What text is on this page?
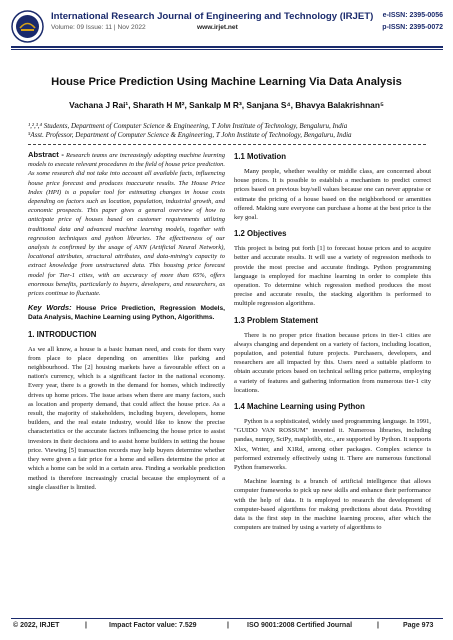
International Research Journal of Engineering and Technology (IRJET)
Volume: 09 Issue: 11 | Nov 2022	www.irjet.net
e-ISSN: 2395-0056
p-ISSN: 2395-0072
House Price Prediction Using Machine Learning Via Data Analysis
Vachana J Rai¹, Sharath H M², Sankalp M R³, Sanjana S⁴, Bhavya Balakrishnan⁵
¹,²,³,⁴ Students, Department of Computer Science & Engineering, T John Institute of Technology, Bengaluru, India
⁵Asst. Professor, Department of Computer Science & Engineering, T John Institute of Technology, Bengaluru, India

Abstract - Research teams are increasingly adopting machine learning models to execute relevant procedures in the field of house price prediction. As some research did not take into account all available facts, influencing house price forecast and produces inaccurate results. The House Price Index (HPI) is a popular tool for estimating changes in house costs depending on factors such as location, population, industrial growth, and economic prospects. This paper gives a general overview of how to anticipate price of houses based on customer requirements utilizing traditional data and advanced machine learning models, together with regression techniques and python libraries. The effectiveness of our analysis is confirmed by the usage of ANN (Artificial Neural Network), locational attributes, structural attributes, and data-mining's capacity to extract knowledge from unstructured data. This housing price forecast model for Tier-1 cities, with an accuracy of more than 65%, offers enormous benefits, particularly to buyers, developers, and researchers, as prices continue to fluctuate.

Key Words: House Price Prediction, Regression Models, Data Analysis, Machine Learning using Python, Algorithms.

1. INTRODUCTION

As we all know, a house is a basic human need, and costs for them vary from place to place depending on amenities like parking and neighbourhood. The [2] housing markets have a favourable effect on a nation's currency, which is a significant factor in the national economy. Every year, there is a growth in the demand for homes, which indirectly drives up home prices. The issue arises when there are many factors, such as location and property demand, that could affect the house price. As a result, the majority of stakeholders, including buyers, developers, home builders, and the real estate industry, would like to know the precise characteristics or the accurate factors influencing the house price to assist investors in their decisions and to assist home builders in setting the house price. Viewing [5] transaction records may help buyers determine whether they were given a fair price for a home and sellers determine the price at which a home can be sold in a certain area. Finding a workable prediction method is therefore increasingly crucial because the employment of a single classifier is limited.

1.1 Motivation

Many people, whether wealthy or middle class, are concerned about house prices. It is possible to establish a mechanism to predict correct prices based on previous buy/sell values because one can never appraise or estimate the pricing of a house based on the neighborhood or amenities offered. Making sure everyone can purchase a home at the best price is the key goal.

1.2 Objectives

This project is being put forth [1] to forecast house prices and to acquire better and accurate results. It will use a variety of regression methods to provide the most precise and accurate findings. Python programming language is employed for machine learning in order to complete this operation. To determine which regression method produces the most precise and accurate results, the stacking algorithm is performed to multiple regression algorithms.

1.3 Problem Statement

There is no proper price fixation because prices in tier-1 cities are always changing and dependent on a variety of factors, including location, population, and potential future projects. Purchasers, developers, and researchers are all impacted by this. Users need a suitable platform to obtain accurate prices based on technical selling price patterns, employing a variety of features and gathering information from numerous tier-1 city locations.

1.4 Machine Learning using Python

Python is a sophisticated, widely used programming language. In 1991, "GUIDO VAN ROSSUM" invented it. Numerous libraries, including pandas, numpy, SciPy, matplotlib, etc., are supported by Python. It supports Xlsx, Writer, and X1Rd, among other packages. Complex science is performed extremely effectively using it. There are numerous functional Python frameworks.

Machine learning is a branch of artificial intelligence that allows computer frameworks to pick up new skills and enhance their performance with the help of data. It is employed to research the development of computer-based algorithms for making predictions about data. Providing data is the first step in the machine learning process, after which the computers are trained by using a variety of algorithms to

© 2022, IRJET	|	Impact Factor value: 7.529	|	ISO 9001:2008 Certified Journal	|	Page 973
